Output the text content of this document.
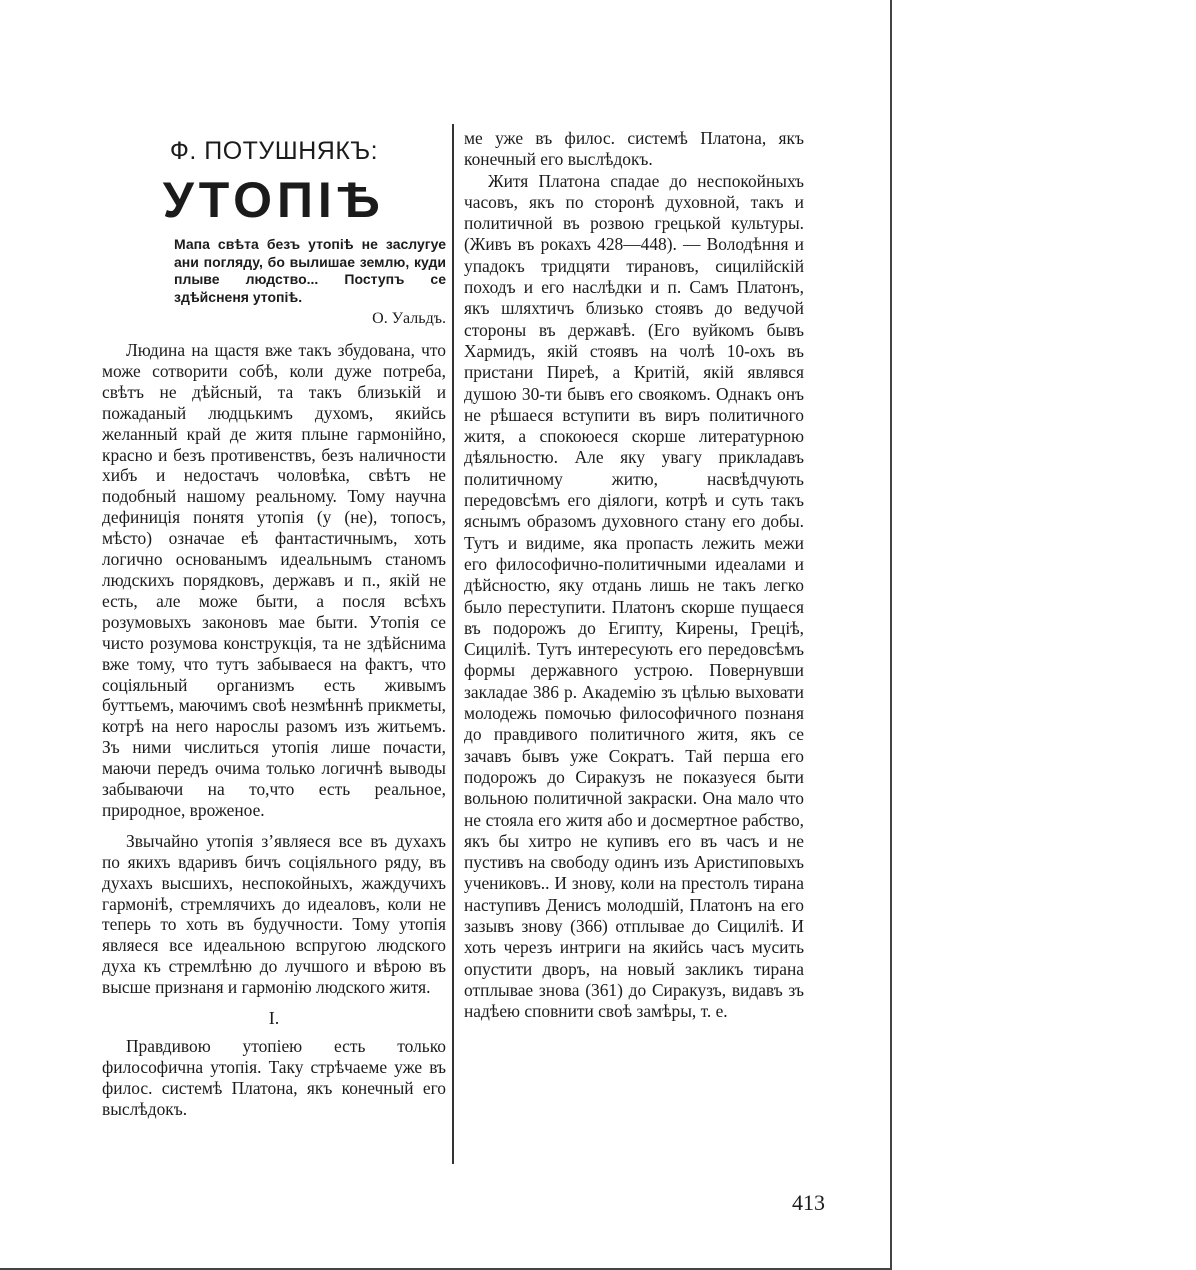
Ф. ПОТУШНЯКЪ:

УТОПІѢ

Мапа свѣта безъ утопіѣ не заслугуе ани погляду, бо вылишае землю, куди плыве людство... Поступъ се здѣйсненя утопіѣ.

О. Уальдъ.

Людина на щастя вже такъ збудована, что може сотворити собѣ, коли дуже потреба, свѣтъ не дѣйсный, та такъ близькій и пожаданый людцькимъ духомъ, якийсь желанный край де житя плыне гармонійно, красно и безъ противенствъ, безъ наличности хибъ и недостачъ чоловѣка, свѣтъ не подобный нашому реальному. Тому научна дефиниція понятя утопія (у (не), топосъ, мѣсто) означае еѣ фантастичнымъ, хоть логично основанымъ идеальнымъ станомъ людскихъ порядковъ, державъ и п., якій не есть, але може быти, а посля всѣхъ розумовыхъ законовъ мае быти. Утопія се чисто розумова конструкція, та не здѣйснима вже тому, что тутъ забываеся на фактъ, что соціяльный организмъ есть живымъ буттьемъ, маючимъ своѣ незмѣннѣ прикметы, котрѣ на него нарослы разомъ изъ житьемъ. Зъ ними числиться утопія лише почасти, маючи передъ очима только логичнѣ выводы забываючи на то,что есть реальное, природное, вроженое.

Звычайно утопія з’являеся все въ духахъ по якихъ вдаривъ бичъ соціяльного ряду, въ духахъ высшихъ, неспокойныхъ, жаждучихъ гармоніѣ, стремлячихъ до идеаловъ, коли не теперь то хоть въ будучности. Тому утопія являеся все идеальною вспругою людского духа къ стремлѣню до лучшого и вѣрою въ высше признаня и гармонію людского житя.

I.

Правдивою утопіею есть только философична утопія. Таку стрѣчаеме уже въ филос. системѣ Платона, якъ конечный его выслѣдокъ.

ме уже въ филос. системѣ Платона, якъ конечный его выслѣдокъ.

Житя Платона спадае до неспокойныхъ часовъ, якъ по сторонѣ духовной, такъ и политичной въ розвою грецькой культуры. (Живъ въ рокахъ 428—448). — Володѣння и упадокъ тридцяти тирановъ, сицилійскій походъ и его наслѣдки и п. Самъ Платонъ, якъ шляхтичъ близько стоявъ до ведучой стороны въ державѣ. (Его вуйкомъ бывъ Хармидъ, якій стоявъ на чолѣ 10-охъ въ пристани Пиреѣ, а Критій, якій являвся душою 30-ти бывъ его своякомъ. Однакъ онъ не рѣшаеся вступити въ виръ политичного житя, а спокоюеся скорше литературною дѣяльностю. Але яку увагу прикладавъ политичному житю, насвѣдчують передовсѣмъ его діялоги, котрѣ и суть такъ яснымъ образомъ духовного стану его добы. Тутъ и видиме, яка пропасть лежить межи его философично-политичными идеалами и дѣйсностю, яку отдань лишь не такъ легко было переступити. Платонъ скорше пущаеся въ подорожъ до Египту, Кирены, Грецiѣ, Сициліѣ. Тутъ интересують его передовсѣмъ формы державного устрою. Повернувши закладае 386 р. Академію зъ цѣлью выховати молодежь помочью философичного познаня до правдивого политичного житя, якъ се зачавъ бывъ уже Сократъ. Тай перша его подорожъ до Сиракузъ не показуеся быти вольною политичной закраски. Она мало что не стояла его житя або и досмертное рабство, якъ бы хитро не купивъ его въ часъ и не пустивъ на свободу одинъ изъ Аристиповыхъ учениковъ.. И знову, коли на престолъ тирана наступивъ Денисъ молодшій, Платонъ на его зазывъ знову (366) отплывае до Сициліѣ. И хоть черезъ интриги на якийсь часъ мусить опустити дворъ, на новый закликъ тирана отплывае знова (361) до Сиракузъ, видавъ зъ надѣею сповнити своѣ замѣры, т. е.

413
